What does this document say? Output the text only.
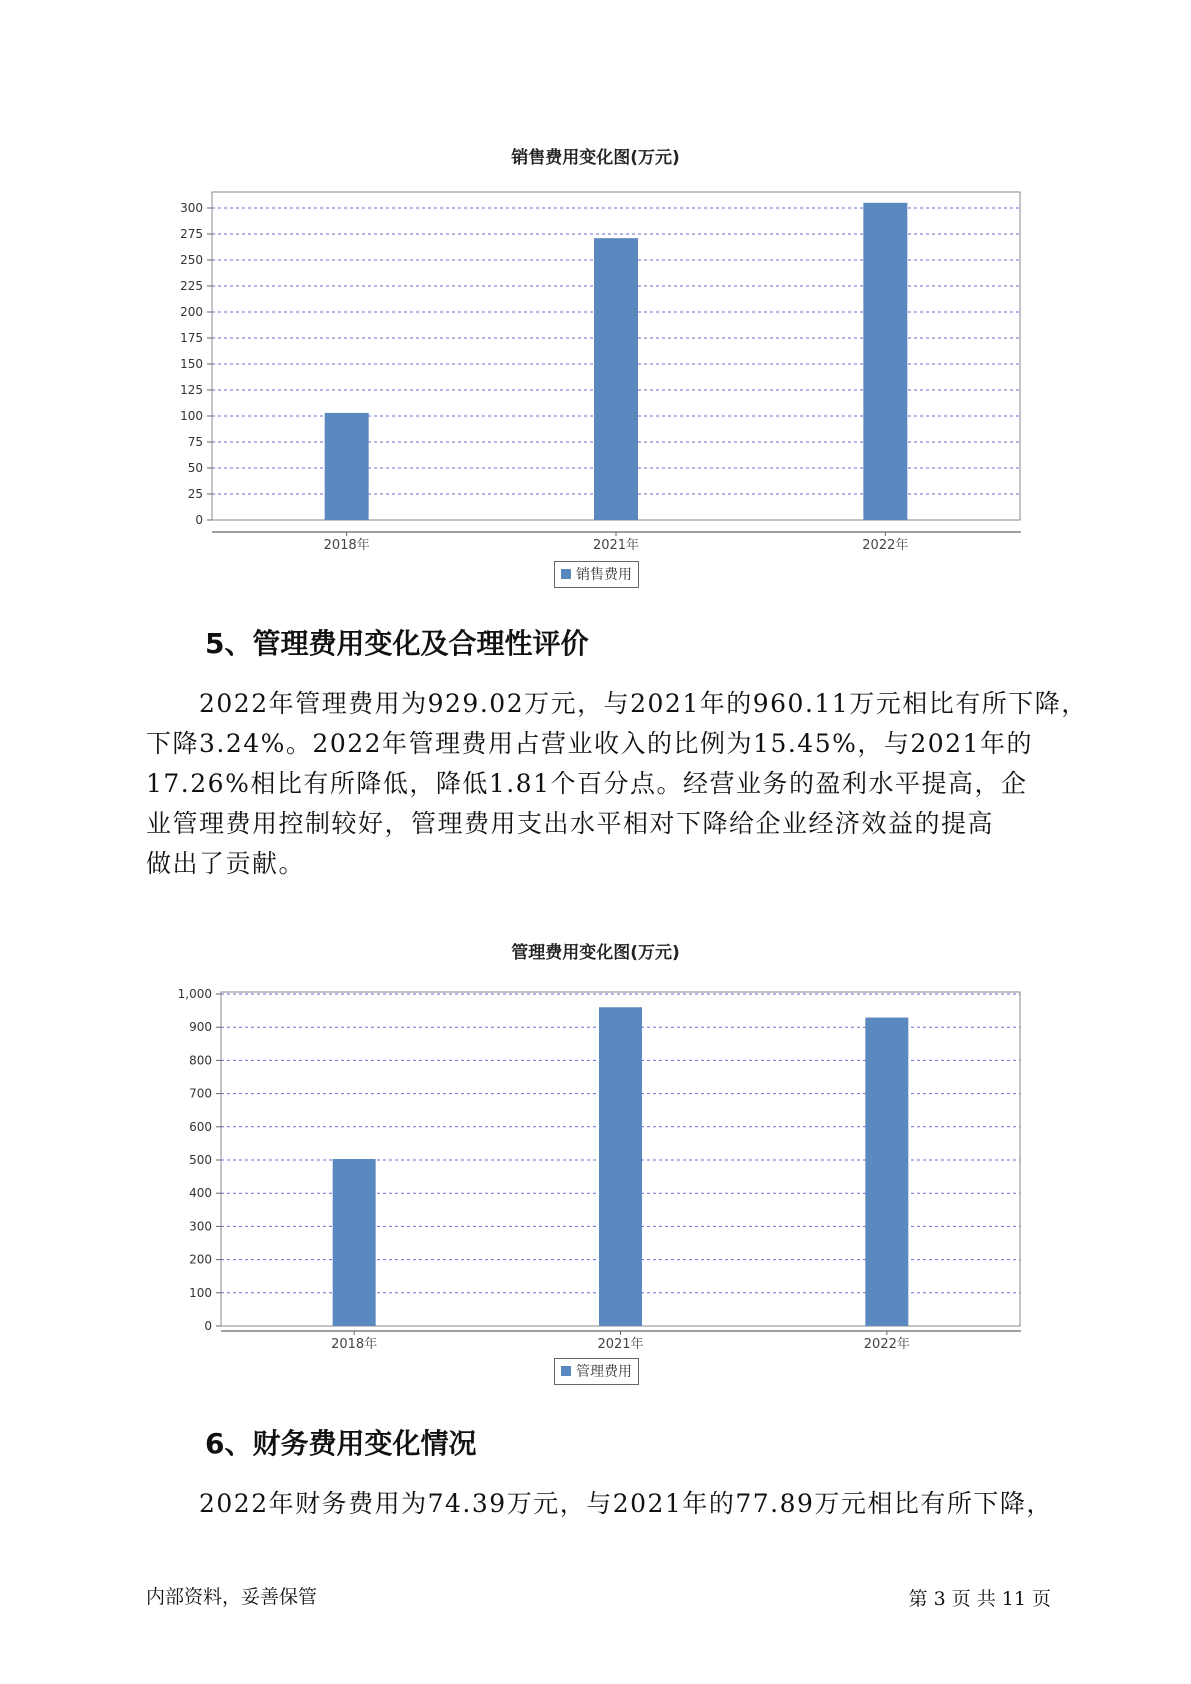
销售费用变化图(万元)
0
25
50
75
100
125
150
175
200
225
250
275
300
2018年	2021年	2022年
销售费用
5、管理费用变化及合理性评价
2022年管理费用为929.02万元，与2021年的960.11万元相比有所下降，
下降3.24%。2022年管理费用占营业收入的比例为15.45%，与2021年的
17.26%相比有所降低，降低1.81个百分点。经营业务的盈利水平提高，企
业管理费用控制较好，管理费用支出水平相对下降给企业经济效益的提高
做出了贡献。
管理费用变化图(万元)
0
100
200
300
400
500
600
700
800
900
1,000
2018年	2021年	2022年
管理费用
6、财务费用变化情况
2022年财务费用为74.39万元，与2021年的77.89万元相比有所下降，
内部资料，妥善保管	第 3 页 共 11 页
